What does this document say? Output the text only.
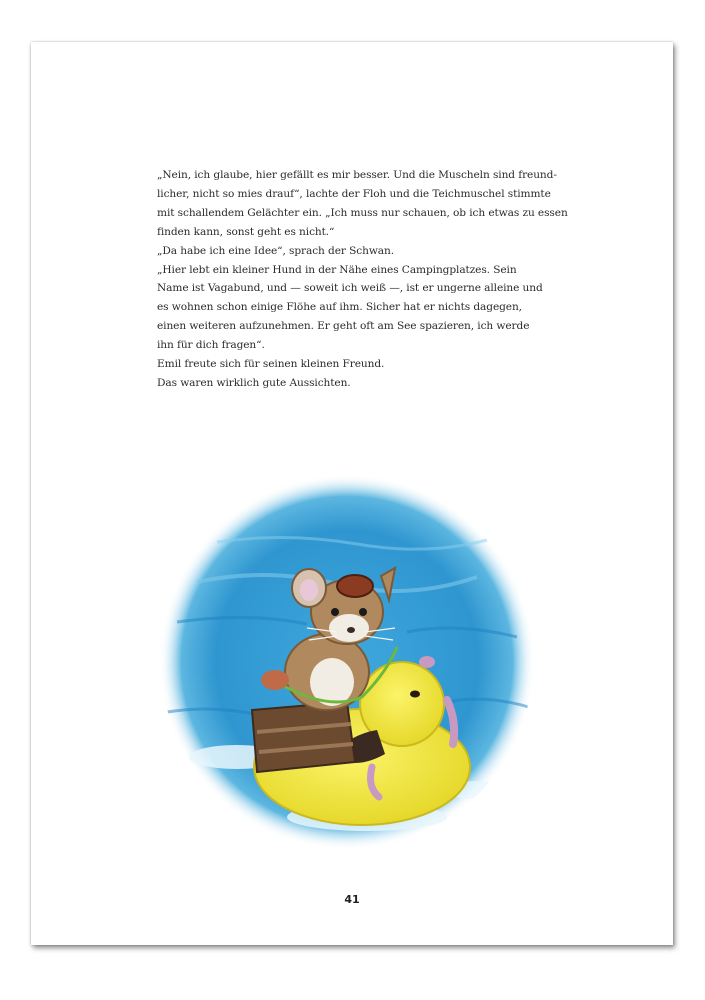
„Nein, ich glaube, hier gefällt es mir besser. Und die Muscheln sind freund-
licher, nicht so mies drauf“, lachte der Floh und die Teichmuschel stimmte
mit schallendem Gelächter ein. „Ich muss nur schauen, ob ich etwas zu essen
finden kann, sonst geht es nicht.“
„Da habe ich eine Idee“, sprach der Schwan.
„Hier lebt ein kleiner Hund in der Nähe eines Campingplatzes. Sein
Name ist Vagabund, und — soweit ich weiß —, ist er ungerne alleine und
es wohnen schon einige Flöhe auf ihm. Sicher hat er nichts dagegen,
einen weiteren aufzunehmen. Er geht oft am See spazieren, ich werde
ihn für dich fragen“.
Emil freute sich für seinen kleinen Freund.
Das waren wirklich gute Aussichten.
41
